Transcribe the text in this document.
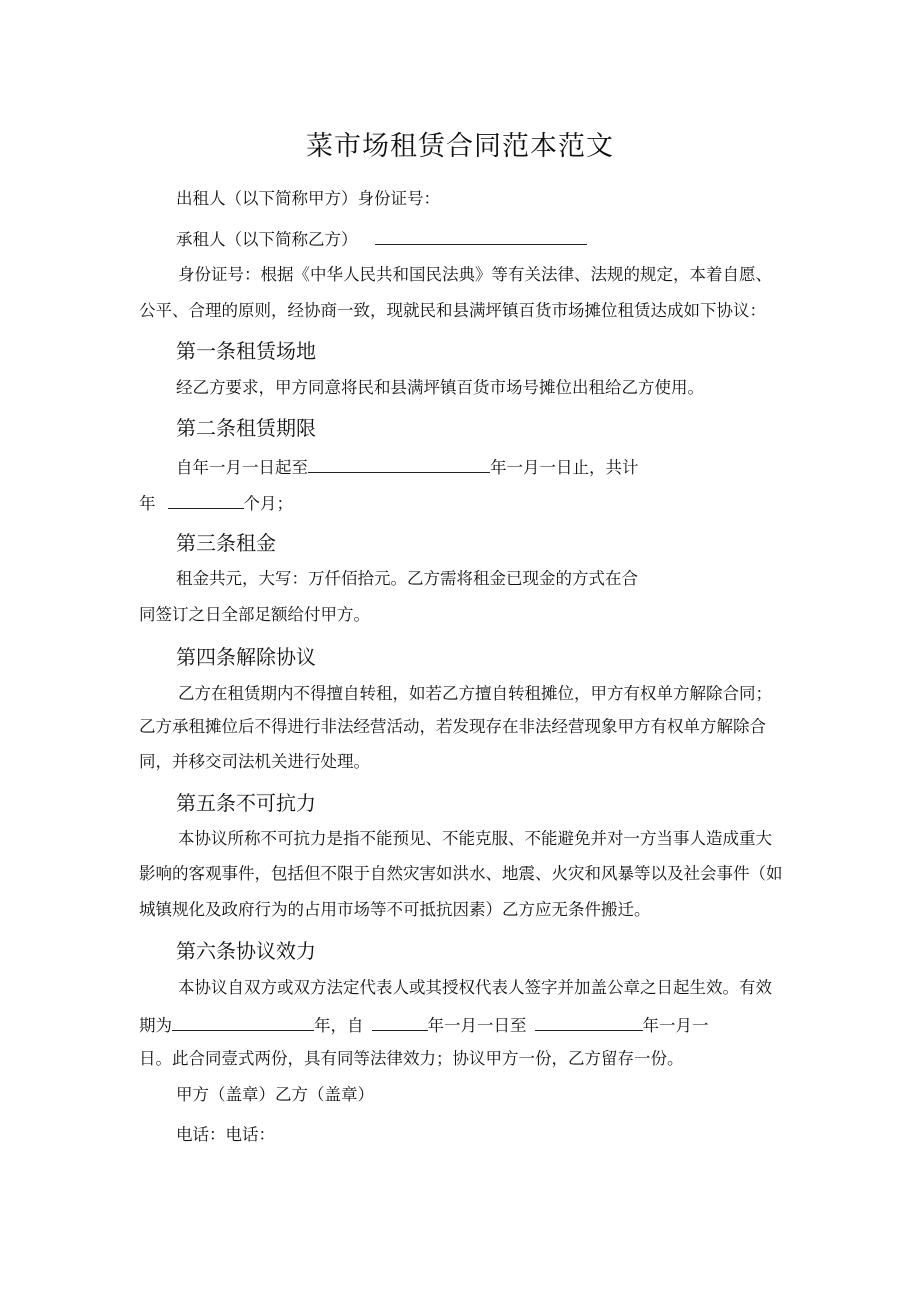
菜市场租赁合同范本范文
出租人（以下简称甲方）身份证号：
承租人（以下简称乙方）
身份证号：根据《中华人民共和国民法典》等有关法律、法规的规定，本着自愿、
公平、合理的原则，经协商一致，现就民和县满坪镇百货市场摊位租赁达成如下协议：
第一条租赁场地
经乙方要求，甲方同意将民和县满坪镇百货市场号摊位出租给乙方使用。
第二条租赁期限
自年一月一日起至	年一月一日止，共计
年	个月；
第三条租金
租金共元，大写：万仟佰拾元。乙方需将租金已现金的方式在合
同签订之日全部足额给付甲方。
第四条解除协议
乙方在租赁期内不得擅自转租，如若乙方擅自转租摊位，甲方有权单方解除合同；
乙方承租摊位后不得进行非法经营活动，若发现存在非法经营现象甲方有权单方解除合
同，并移交司法机关进行处理。
第五条不可抗力
本协议所称不可抗力是指不能预见、不能克服、不能避免并对一方当事人造成重大
影响的客观事件，包括但不限于自然灾害如洪水、地震、火灾和风暴等以及社会事件（如
城镇规化及政府行为的占用市场等不可抵抗因素）乙方应无条件搬迁。
第六条协议效力
本协议自双方或双方法定代表人或其授权代表人签字并加盖公章之日起生效。有效
期为	年，自	年一月一日至	年一月一
日。此合同壹式两份，具有同等法律效力；协议甲方一份，乙方留存一份。
甲方（盖章）乙方（盖章）
电话：电话：
